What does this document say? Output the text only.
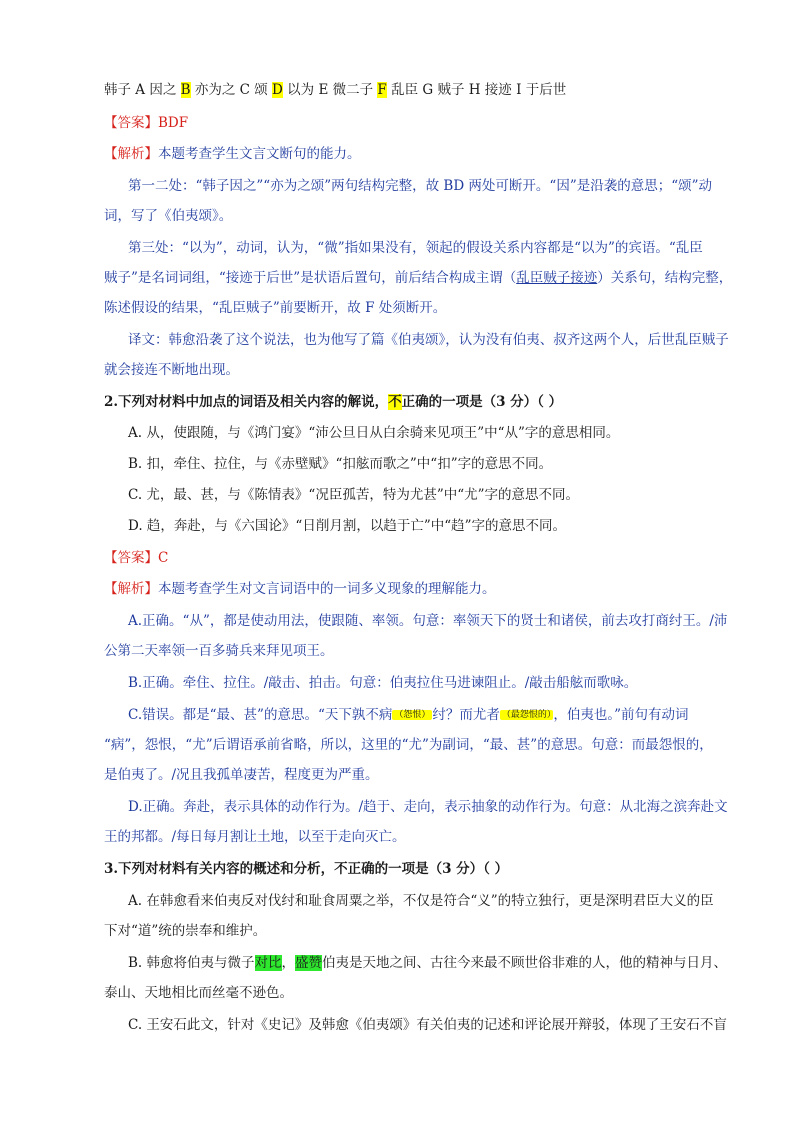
韩子 A 因之 B 亦为之 C 颂 D 以为 E 微二子 F 乱臣 G 贼子 H 接迹 I 于后世
【答案】BDF
【解析】本题考查学生文言文断句的能力。
第一二处：“韩子因之”“亦为之颂”两句结构完整，故 BD 两处可断开。“因”是沿袭的意思；“颂”动
词，写了《伯夷颂》。
第三处：“以为”，动词，认为，“微”指如果没有，领起的假设关系内容都是“以为”的宾语。“乱臣
贼子”是名词词组，“接迹于后世”是状语后置句，前后结合构成主谓（乱臣贼子接迹）关系句，结构完整，
陈述假设的结果，“乱臣贼子”前要断开，故 F 处须断开。
译文：韩愈沿袭了这个说法，也为他写了篇《伯夷颂》，认为没有伯夷、叔齐这两个人，后世乱臣贼子
就会接连不断地出现。
2.下列对材料中加点的词语及相关内容的解说，不正确的一项是（3 分）（ ）
A. 从，使跟随，与《鸿门宴》“沛公旦日从白余骑来见项王”中“从”字的意思相同。
B. 扣，牵住、拉住，与《赤壁赋》“扣舷而歌之”中“扣”字的意思不同。
C. 尤，最、甚，与《陈情表》“况臣孤苦，特为尤甚”中“尤”字的意思不同。
D. 趋，奔赴，与《六国论》“日削月割，以趋于亡”中“趋”字的意思不同。
【答案】C
【解析】本题考查学生对文言词语中的一词多义现象的理解能力。
A.正确。“从”，都是使动用法，使跟随、率领。句意：率领天下的贤士和诸侯，前去攻打商纣王。/沛
公第二天率领一百多骑兵来拜见项王。
B.正确。牵住、拉住。/敲击、拍击。句意：伯夷拉住马进谏阻止。/敲击船舷而歌咏。
C.错误。都是“最、甚”的意思。“天下孰不病 （怨恨） 纣？而尤者 （最怨恨的） ，伯夷也。”前句有动词
“病”，怨恨，“尤”后谓语承前省略，所以，这里的“尤”为副词，“最、甚”的意思。句意：而最怨恨的，
是伯夷了。/况且我孤单凄苦，程度更为严重。
D.正确。奔赴，表示具体的动作行为。/趋于、走向，表示抽象的动作行为。句意：从北海之滨奔赴文
王的邦都。/每日每月割让土地，以至于走向灭亡。
3.下列对材料有关内容的概述和分析，不正确的一项是（3 分）（ ）
A. 在韩愈看来伯夷反对伐纣和耻食周粟之举，不仅是符合“义”的特立独行，更是深明君臣大义的臣
下对“道”统的崇奉和维护。
B. 韩愈将伯夷与微子对比，盛赞伯夷是天地之间、古往今来最不顾世俗非难的人，他的精神与日月、
泰山、天地相比而丝毫不逊色。
C. 王安石此文，针对《史记》及韩愈《伯夷颂》有关伯夷的记述和评论展开辩驳，体现了王安石不盲
